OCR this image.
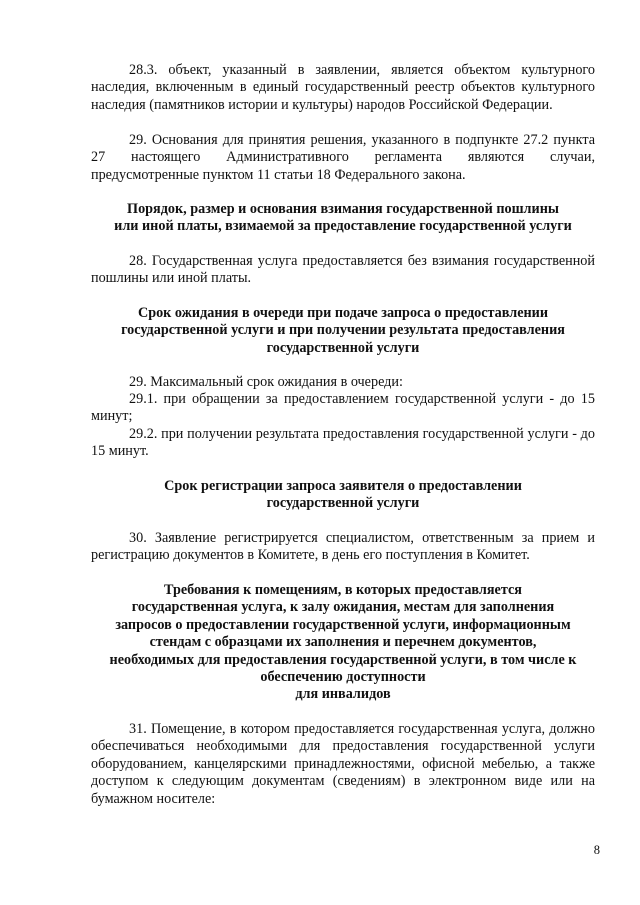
28.3. объект, указанный в заявлении, является объектом культурного наследия, включенным в единый государственный реестр объектов культурного наследия (памятников истории и культуры) народов Российской Федерации.
29. Основания для принятия решения, указанного в подпункте 27.2 пункта 27 настоящего Административного регламента являются случаи, предусмотренные пунктом 11 статьи 18 Федерального закона.
Порядок, размер и основания взимания государственной пошлины
или иной платы, взимаемой за предоставление государственной услуги
28. Государственная услуга предоставляется без взимания государственной пошлины или иной платы.
Срок ожидания в очереди при подаче запроса о предоставлении
государственной услуги и при получении результата предоставления
государственной услуги
29. Максимальный срок ожидания в очереди:
29.1. при обращении за предоставлением государственной услуги - до 15 минут;
29.2. при получении результата предоставления государственной услуги - до 15 минут.
Срок регистрации запроса заявителя о предоставлении
государственной услуги
30. Заявление регистрируется специалистом, ответственным за прием и регистрацию документов в Комитете, в день его поступления в Комитет.
Требования к помещениям, в которых предоставляется
государственная услуга, к залу ожидания, местам для заполнения
запросов о предоставлении государственной услуги, информационным
стендам с образцами их заполнения и перечнем документов,
необходимых для предоставления государственной услуги, в том числе к
обеспечению доступности
для инвалидов
31. Помещение, в котором предоставляется государственная услуга, должно обеспечиваться необходимыми для предоставления государственной услуги оборудованием, канцелярскими принадлежностями, офисной мебелью, а также доступом к следующим документам (сведениям) в электронном виде или на бумажном носителе:
8
